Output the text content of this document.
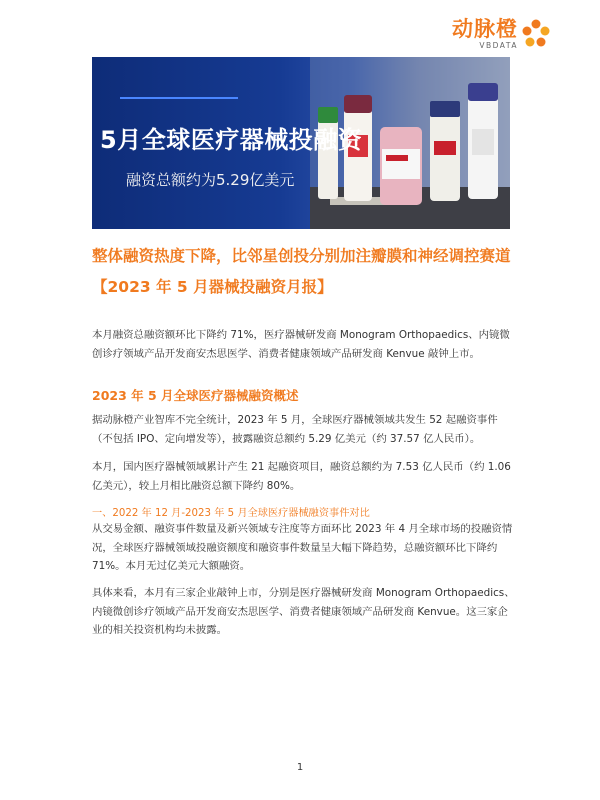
动脉橙
VBDATA
5月全球医疗器械投融资
融资总额约为5.29亿美元
整体融资热度下降，比邻星创投分别加注瓣膜和神经调控赛道【2023 年 5 月器械投融资月报】
本月融资总融资额环比下降约 71%，医疗器械研发商 Monogram Orthopaedics、内镜微创诊疗领域产品开发商安杰思医学、消费者健康领域产品研发商 Kenvue 敲钟上市。
2023 年 5 月全球医疗器械融资概述
据动脉橙产业智库不完全统计，2023 年 5 月，全球医疗器械领域共发生 52 起融资事件（不包括 IPO、定向增发等），披露融资总额约 5.29 亿美元（约 37.57 亿人民币）。
本月，国内医疗器械领域累计产生 21 起融资项目，融资总额约为 7.53 亿人民币（约 1.06 亿美元），较上月相比融资总额下降约 80%。
一、2022 年 12 月-2023 年 5 月全球医疗器械融资事件对比
从交易金额、融资事件数量及新兴领域专注度等方面环比 2023 年 4 月全球市场的投融资情况，全球医疗器械领域投融资额度和融资事件数量呈大幅下降趋势，总融资额环比下降约 71%。本月无过亿美元大额融资。
具体来看，本月有三家企业敲钟上市，分别是医疗器械研发商 Monogram Orthopaedics、内镜微创诊疗领域产品开发商安杰思医学、消费者健康领域产品研发商 Kenvue。这三家企业的相关投资机构均未披露。
1
